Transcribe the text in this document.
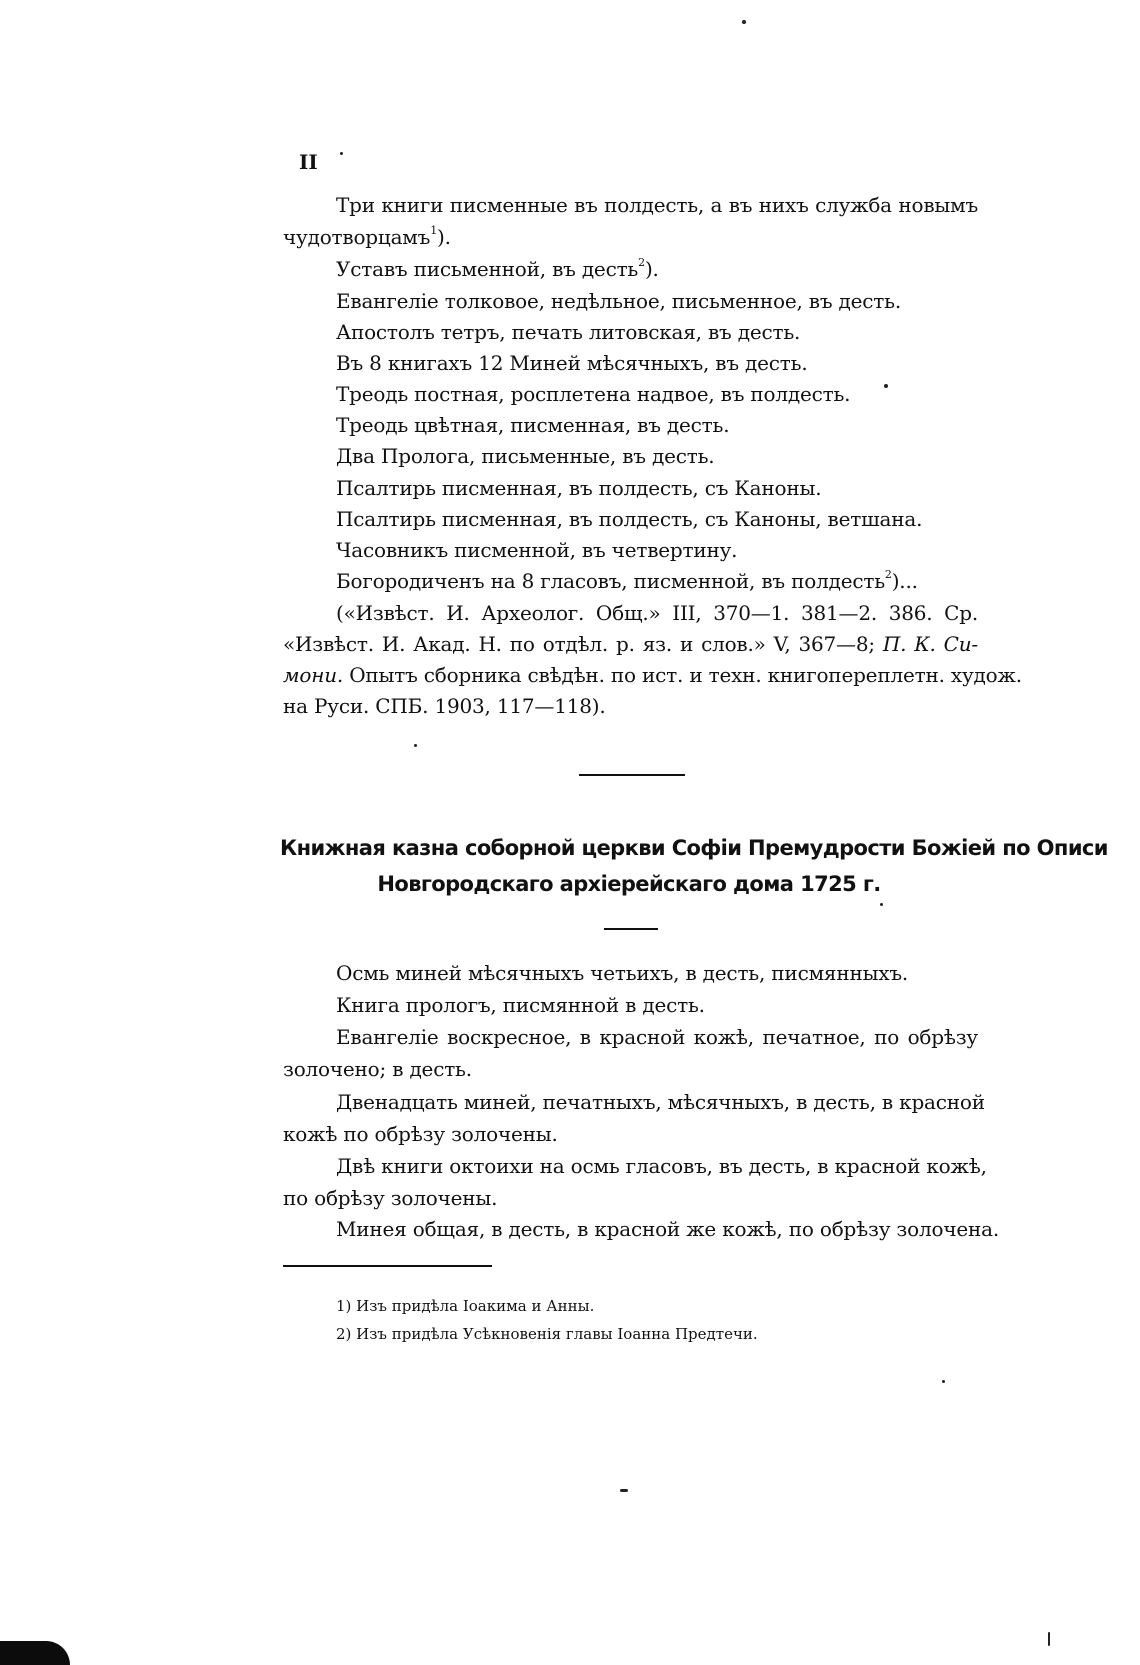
II
Три книги писменные въ полдесть, а въ нихъ служба новымъ
чудотворцамъ$^1$).
Уставъ письменной, въ десть$^2$).
Евангеліе толковое, недѣльное, письменное, въ десть.
Апостолъ тетръ, печать литовская, въ десть.
Въ 8 книгахъ 12 Миней мѣсячныхъ, въ десть.
Треодь постная, росплетена надвое, въ полдесть.
Треодь цвѣтная, писменная, въ десть.
Два Пролога, письменные, въ десть.
Псалтирь писменная, въ полдесть, съ Каноны.
Псалтирь писменная, въ полдесть, съ Каноны, ветшана.
Часовникъ писменной, въ четвертину.
Богородиченъ на 8 гласовъ, писменной, въ полдесть$^2$)...
(«Извѣст. И. Археолог. Общ.» III, 370—1. 381—2. 386. Ср.
«Извѣст. И. Акад. Н. по отдѣл. р. яз. и слов.» V, 367—8; П. К. Си-
мони. Опытъ сборника свѣдѣн. по ист. и техн. книгопереплетн. худож.
на Руси. СПБ. 1903, 117—118).
Книжная казна соборной церкви Софіи Премудрости Божіей по Описи
Новгородскаго архіерейскаго дома 1725 г.
Осмь миней мѣсячныхъ четьихъ, в десть, писмянныхъ.
Книга прологъ, писмянной в десть.
Евангеліе воскресное, в красной кожѣ, печатное, по обрѣзу
золочено; в десть.
Двенадцать миней, печатныхъ, мѣсячныхъ, в десть, в красной
кожѣ по обрѣзу золочены.
Двѣ книги октоихи на осмь гласовъ, въ десть, в красной кожѣ,
по обрѣзу золочены.
Минея общая, в десть, в красной же кожѣ, по обрѣзу золочена.
1) Изъ придѣла Іоакима и Анны.
2) Изъ придѣла Усѣкновенія главы Іоанна Предтечи.
